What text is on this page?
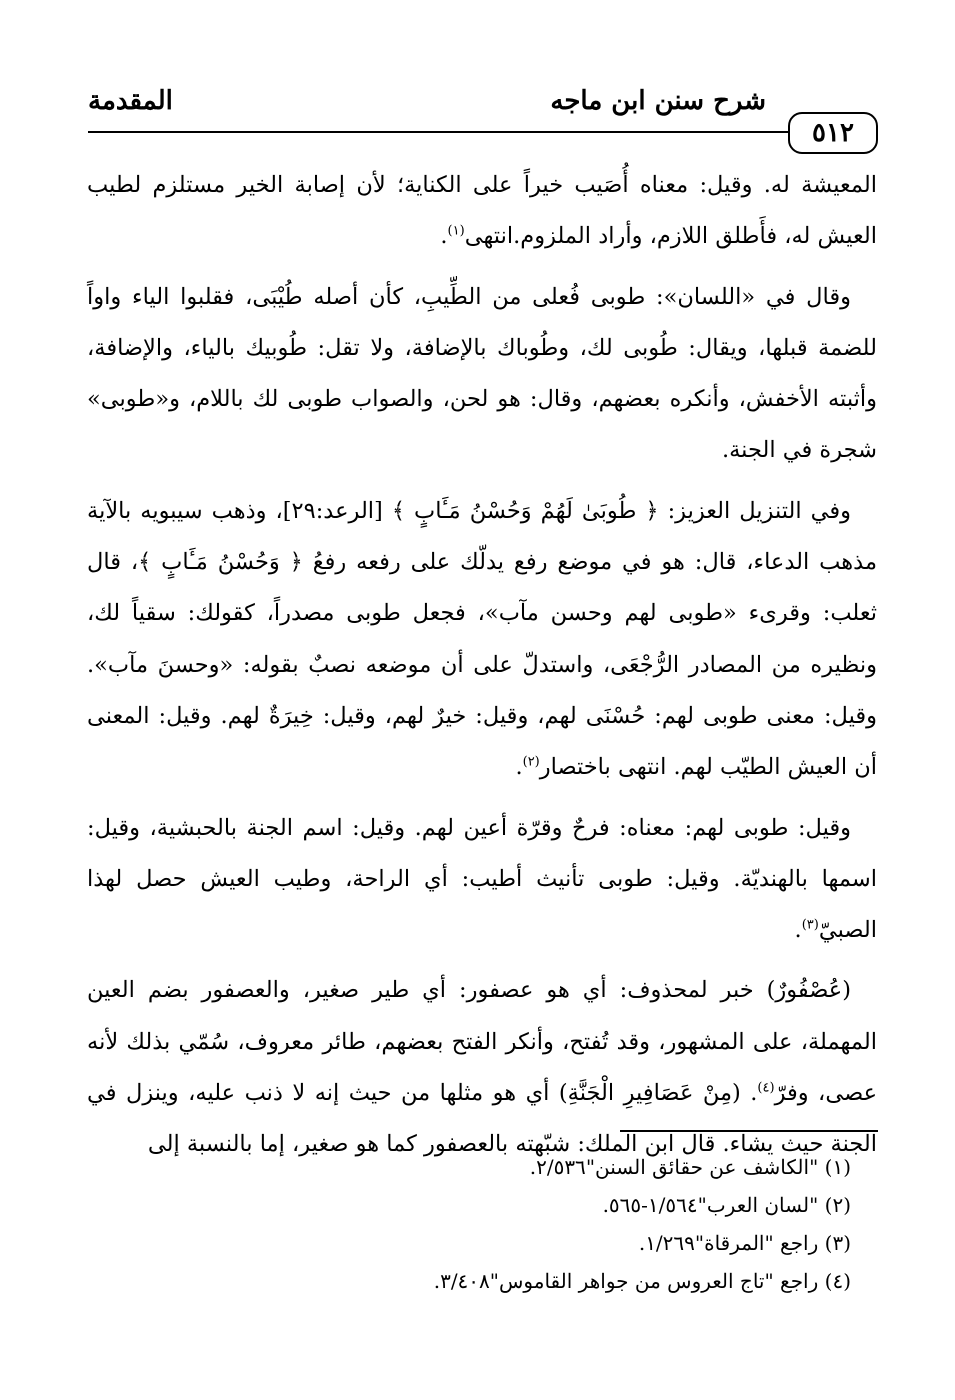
شرح سنن ابن ماجه
المقدمة
٥١٢

المعيشة له. وقيل: معناه أُصَيب خيراً على الكناية؛ لأن إصابة الخير مستلزم لطيب العيش له، فأَطلق اللازم، وأراد الملزوم.انتهى$^{(١)}$.

وقال في «اللسان»: طوبى فُعلى من الطِّيبِ، كأن أصله طُيْبَى، فقلبوا الياء واواً للضمة قبلها، ويقال: طُوبى لك، وطُوباك بالإضافة، ولا تقل: طُوبيك بالياء، والإضافة، وأثبته الأخفش، وأنكره بعضهم، وقال: هو لحن، والصواب طوبى لك باللام، و«طوبى» شجرة في الجنة.

وفي التنزيل العزيز: ﴿ طُوبَىٰ لَهُمْ وَحُسْنُ مَـَٔابٍ ﴾ [الرعد:٢٩]، وذهب سيبويه بالآية مذهب الدعاء، قال: هو في موضع رفع يدلّك على رفعه رفعُ ﴿ وَحُسْنُ مَـَٔابٍ ﴾، قال ثعلب: وقرىء «طوبى لهم وحسن مآب»، فجعل طوبى مصدراً، كقولك: سقياً لك، ونظيره من المصادر الرُّجْعَى، واستدلّ على أن موضعه نصبٌ بقوله: «وحسنَ مآب». وقيل: معنى طوبى لهم: حُسْنَى لهم، وقيل: خيرٌ لهم، وقيل: خِيرَةٌ لهم. وقيل: المعنى أن العيش الطيّب لهم. انتهى باختصار$^{(٢)}$.

وقيل: طوبى لهم: معناه: فرحٌ وقرّة أعين لهم. وقيل: اسم الجنة بالحبشية، وقيل: اسمها بالهنديّة. وقيل: طوبى تأنيث أطيب: أي الراحة، وطيب العيش حصل لهذا الصبيّ$^{(٣)}$.

(عُصْفُورٌ) خبر لمحذوف: أي هو عصفور: أي طير صغير، والعصفور بضم العين المهملة، على المشهور، وقد تُفتح، وأنكر الفتح بعضهم، طائر معروف، سُمّي بذلك لأنه عصى، وفرّ$^{(٤)}$. (مِنْ عَصَافِيرِ الْجَنَّةِ) أي هو مثلها من حيث إنه لا ذنب عليه، وينزل في الجنة حيث يشاء. قال ابن الملك: شبّهته بالعصفور كما هو صغير، إما بالنسبة إلى

(١) "الكاشف عن حقائق السنن"٢/٥٣٦.
(٢) "لسان العرب"١/٥٦٤-٥٦٥.
(٣) راجع "المرقاة"١/٢٦٩.
(٤) راجع "تاج العروس من جواهر القاموس"٣/٤٠٨.
